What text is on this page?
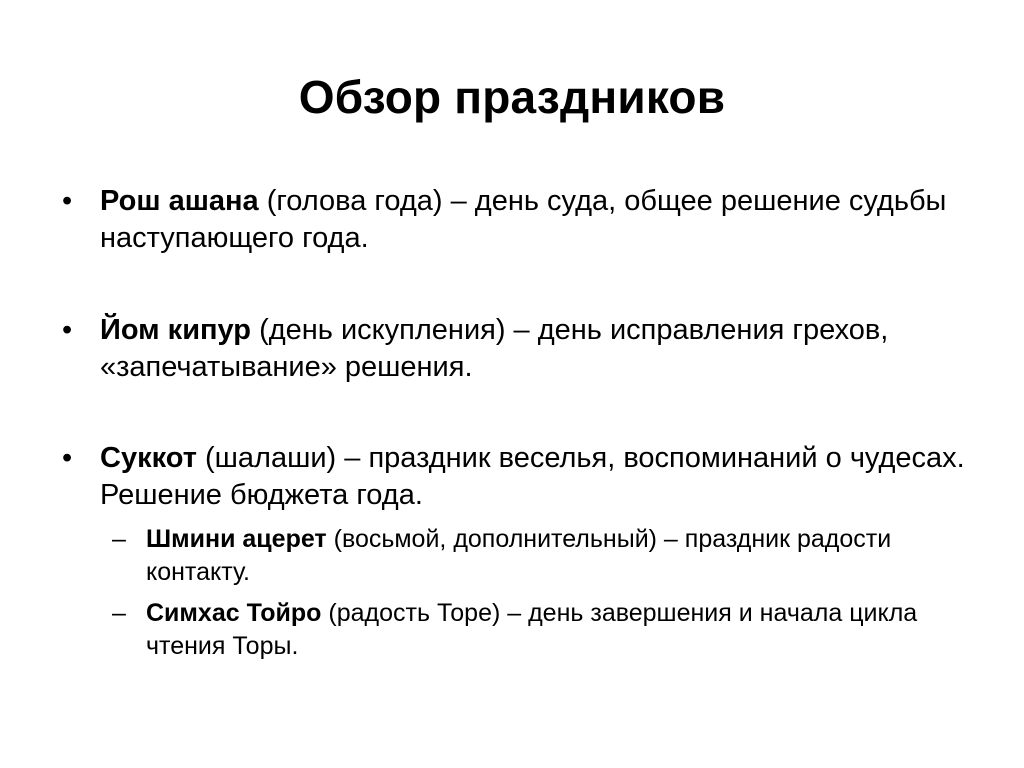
Обзор праздников
• Рош ашана (голова года) – день суда, общее решение судьбы наступающего года.
• Йом кипур (день искупления) – день исправления грехов, «запечатывание» решения.
• Суккот (шалаши) – праздник веселья, воспоминаний о чудесах. Решение бюджета года.
– Шмини ацерет (восьмой, дополнительный) – праздник радости контакту.
– Симхас Тойро (радость Торе) – день завершения и начала цикла чтения Торы.
